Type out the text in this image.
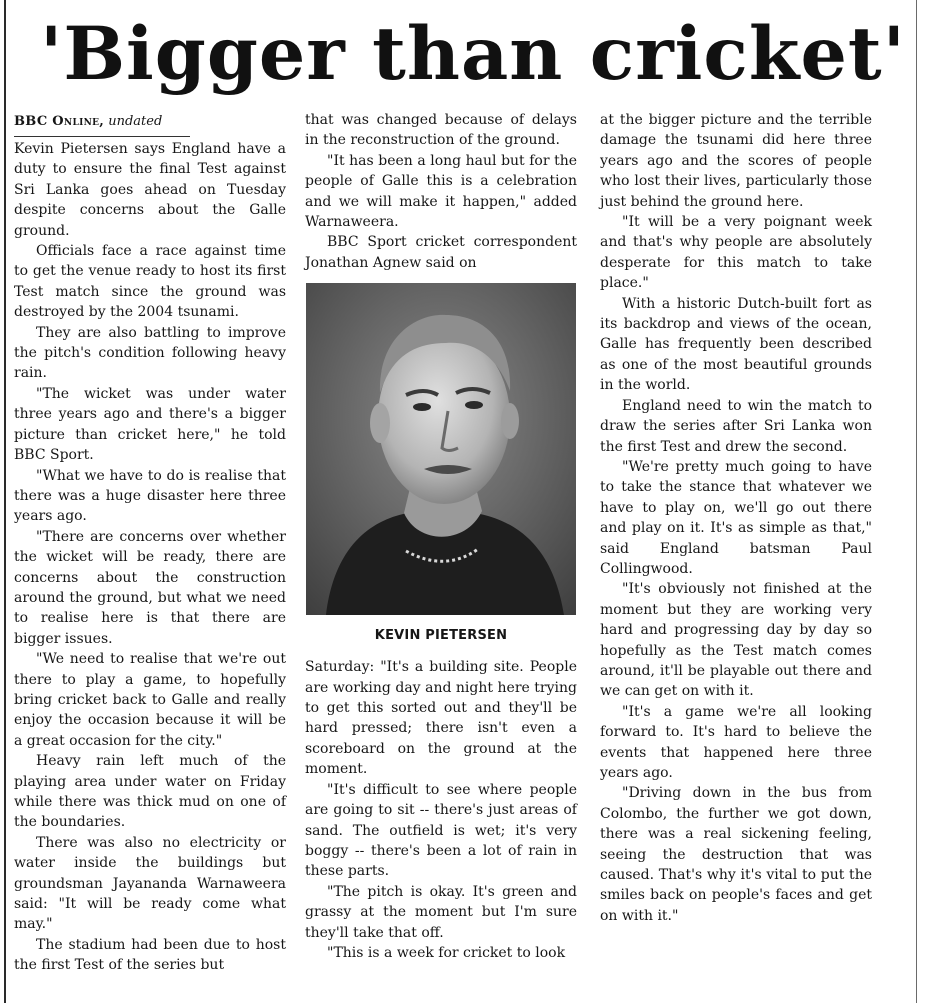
'Bigger than cricket'
BBC Online, undated

Kevin Pietersen says England have a duty to ensure the final Test against Sri Lanka goes ahead on Tuesday despite concerns about the Galle ground.

Officials face a race against time to get the venue ready to host its first Test match since the ground was destroyed by the 2004 tsunami.

They are also battling to improve the pitch's condition following heavy rain.

"The wicket was under water three years ago and there's a bigger picture than cricket here," he told BBC Sport.

"What we have to do is realise that there was a huge disaster here three years ago.

"There are concerns over whether the wicket will be ready, there are concerns about the construction around the ground, but what we need to realise here is that there are bigger issues.

"We need to realise that we're out there to play a game, to hopefully bring cricket back to Galle and really enjoy the occasion because it will be a great occasion for the city."

Heavy rain left much of the playing area under water on Friday while there was thick mud on one of the boundaries.

There was also no electricity or water inside the buildings but groundsman Jayananda Warnaweera said: "It will be ready come what may."

The stadium had been due to host the first Test of the series but

that was changed because of delays in the reconstruction of the ground.

"It has been a long haul but for the people of Galle this is a celebration and we will make it happen," added Warnaweera.

BBC Sport cricket correspondent Jonathan Agnew said on

KEVIN PIETERSEN

Saturday: "It's a building site. People are working day and night here trying to get this sorted out and they'll be hard pressed; there isn't even a scoreboard on the ground at the moment.

"It's difficult to see where people are going to sit -- there's just areas of sand. The outfield is wet; it's very boggy -- there's been a lot of rain in these parts.

"The pitch is okay. It's green and grassy at the moment but I'm sure they'll take that off.

"This is a week for cricket to look

at the bigger picture and the terrible damage the tsunami did here three years ago and the scores of people who lost their lives, particularly those just behind the ground here.

"It will be a very poignant week and that's why people are absolutely desperate for this match to take place."

With a historic Dutch-built fort as its backdrop and views of the ocean, Galle has frequently been described as one of the most beautiful grounds in the world.

England need to win the match to draw the series after Sri Lanka won the first Test and drew the second.

"We're pretty much going to have to take the stance that whatever we have to play on, we'll go out there and play on it. It's as simple as that," said England batsman Paul Collingwood.

"It's obviously not finished at the moment but they are working very hard and progressing day by day so hopefully as the Test match comes around, it'll be playable out there and we can get on with it.

"It's a game we're all looking forward to. It's hard to believe the events that happened here three years ago.

"Driving down in the bus from Colombo, the further we got down, there was a real sickening feeling, seeing the destruction that was caused. That's why it's vital to put the smiles back on people's faces and get on with it."
